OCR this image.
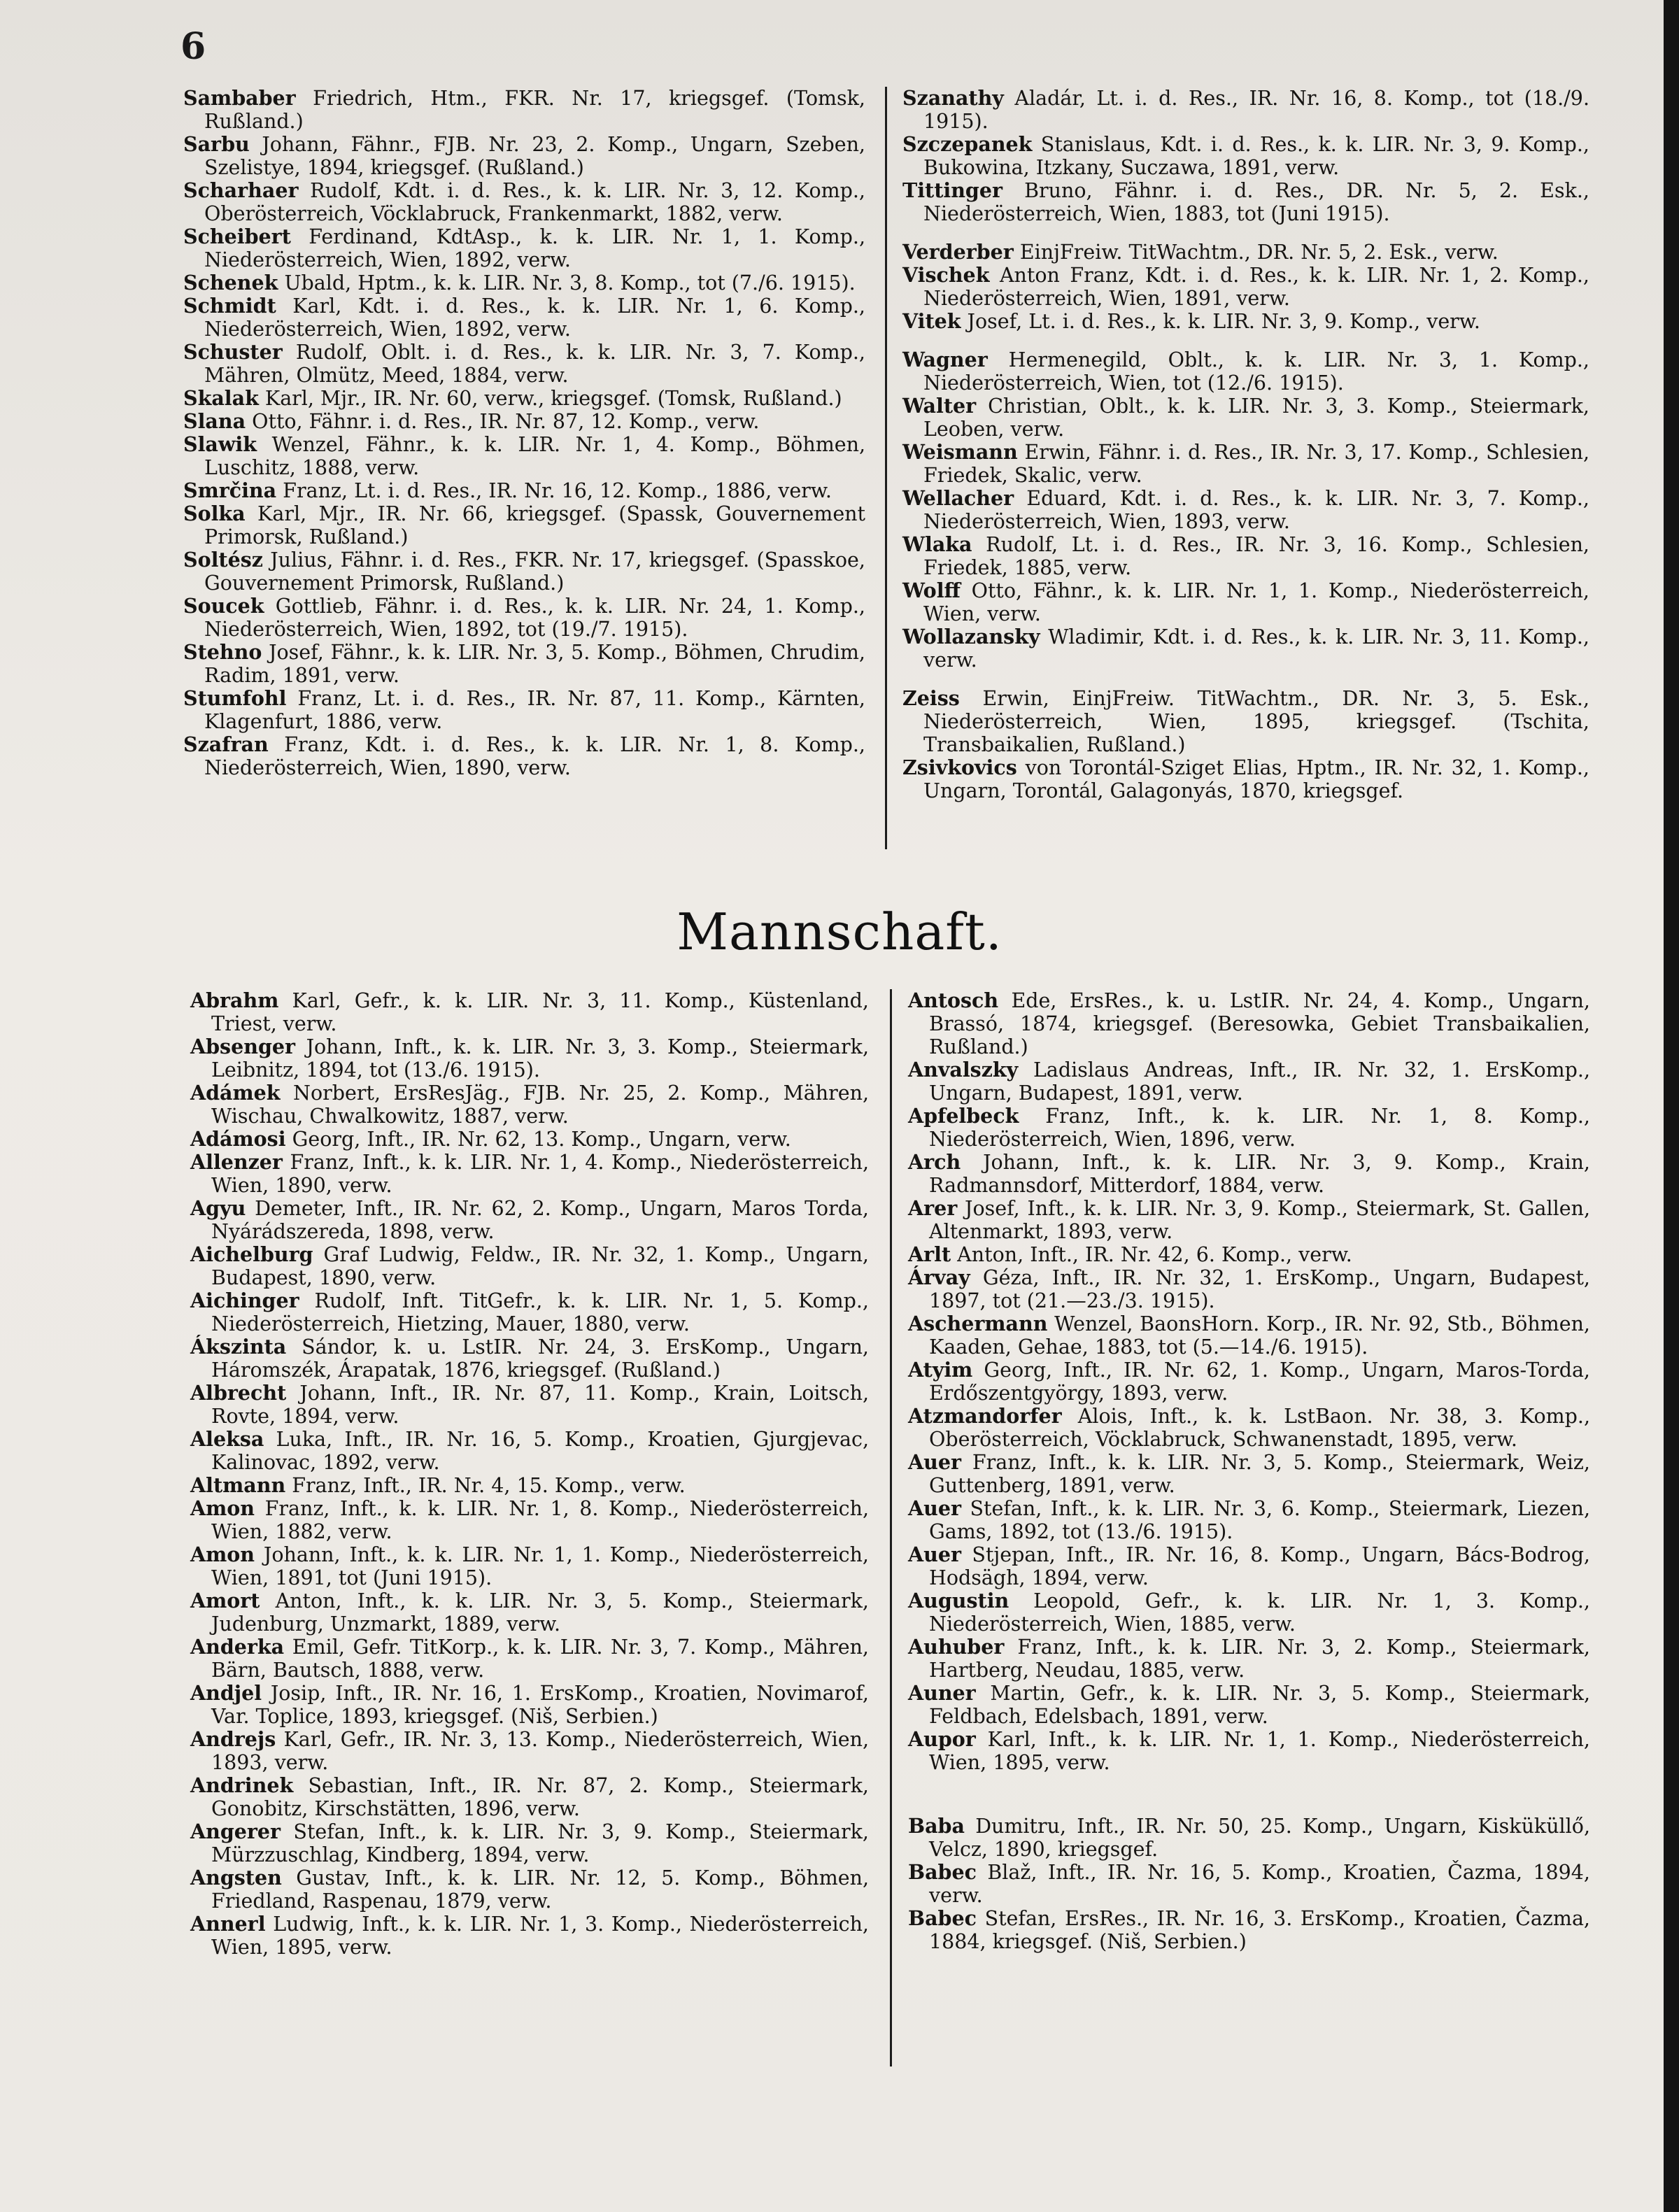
6

Sambaber Friedrich, Htm., FKR. Nr. 17, kriegsgef. (Tomsk, Rußland.)

Sarbu Johann, Fähnr., FJB. Nr. 23, 2. Komp., Ungarn, Szeben, Szelistye, 1894, kriegsgef. (Rußland.)

Scharhaer Rudolf, Kdt. i. d. Res., k. k. LIR. Nr. 3, 12. Komp., Oberösterreich, Vöcklabruck, Frankenmarkt, 1882, verw.

Scheibert Ferdinand, KdtAsp., k. k. LIR. Nr. 1, 1. Komp., Niederösterreich, Wien, 1892, verw.

Schenek Ubald, Hptm., k. k. LIR. Nr. 3, 8. Komp., tot (7./6. 1915).

Schmidt Karl, Kdt. i. d. Res., k. k. LIR. Nr. 1, 6. Komp., Niederösterreich, Wien, 1892, verw.

Schuster Rudolf, Oblt. i. d. Res., k. k. LIR. Nr. 3, 7. Komp., Mähren, Olmütz, Meed, 1884, verw.

Skalak Karl, Mjr., IR. Nr. 60, verw., kriegsgef. (Tomsk, Rußland.)

Slana Otto, Fähnr. i. d. Res., IR. Nr. 87, 12. Komp., verw.

Slawik Wenzel, Fähnr., k. k. LIR. Nr. 1, 4. Komp., Böhmen, Luschitz, 1888, verw.

Smrčina Franz, Lt. i. d. Res., IR. Nr. 16, 12. Komp., 1886, verw.

Solka Karl, Mjr., IR. Nr. 66, kriegsgef. (Spassk, Gouvernement Primorsk, Rußland.)

Soltész Julius, Fähnr. i. d. Res., FKR. Nr. 17, kriegsgef. (Spasskoe, Gouvernement Primorsk, Rußland.)

Soucek Gottlieb, Fähnr. i. d. Res., k. k. LIR. Nr. 24, 1. Komp., Niederösterreich, Wien, 1892, tot (19./7. 1915).

Stehno Josef, Fähnr., k. k. LIR. Nr. 3, 5. Komp., Böhmen, Chrudim, Radim, 1891, verw.

Stumfohl Franz, Lt. i. d. Res., IR. Nr. 87, 11. Komp., Kärnten, Klagenfurt, 1886, verw.

Szafran Franz, Kdt. i. d. Res., k. k. LIR. Nr. 1, 8. Komp., Niederösterreich, Wien, 1890, verw.

Szanathy Aladár, Lt. i. d. Res., IR. Nr. 16, 8. Komp., tot (18./9. 1915).

Szczepanek Stanislaus, Kdt. i. d. Res., k. k. LIR. Nr. 3, 9. Komp., Bukowina, Itzkany, Suczawa, 1891, verw.

Tittinger Bruno, Fähnr. i. d. Res., DR. Nr. 5, 2. Esk., Niederösterreich, Wien, 1883, tot (Juni 1915).

Verderber EinjFreiw. TitWachtm., DR. Nr. 5, 2. Esk., verw.

Vischek Anton Franz, Kdt. i. d. Res., k. k. LIR. Nr. 1, 2. Komp., Niederösterreich, Wien, 1891, verw.

Vitek Josef, Lt. i. d. Res., k. k. LIR. Nr. 3, 9. Komp., verw.

Wagner Hermenegild, Oblt., k. k. LIR. Nr. 3, 1. Komp., Niederösterreich, Wien, tot (12./6. 1915).

Walter Christian, Oblt., k. k. LIR. Nr. 3, 3. Komp., Steiermark, Leoben, verw.

Weismann Erwin, Fähnr. i. d. Res., IR. Nr. 3, 17. Komp., Schlesien, Friedek, Skalic, verw.

Wellacher Eduard, Kdt. i. d. Res., k. k. LIR. Nr. 3, 7. Komp., Niederösterreich, Wien, 1893, verw.

Wlaka Rudolf, Lt. i. d. Res., IR. Nr. 3, 16. Komp., Schlesien, Friedek, 1885, verw.

Wolff Otto, Fähnr., k. k. LIR. Nr. 1, 1. Komp., Niederösterreich, Wien, verw.

Wollazansky Wladimir, Kdt. i. d. Res., k. k. LIR. Nr. 3, 11. Komp., verw.

Zeiss Erwin, EinjFreiw. TitWachtm., DR. Nr. 3, 5. Esk., Niederösterreich, Wien, 1895, kriegsgef. (Tschita, Transbaikalien, Rußland.)

Zsivkovics von Torontál-Sziget Elias, Hptm., IR. Nr. 32, 1. Komp., Ungarn, Torontál, Galagonyás, 1870, kriegsgef.

Mannschaft.

Abrahm Karl, Gefr., k. k. LIR. Nr. 3, 11. Komp., Küstenland, Triest, verw.

Absenger Johann, Inft., k. k. LIR. Nr. 3, 3. Komp., Steiermark, Leibnitz, 1894, tot (13./6. 1915).

Adámek Norbert, ErsResJäg., FJB. Nr. 25, 2. Komp., Mähren, Wischau, Chwalkowitz, 1887, verw.

Adámosi Georg, Inft., IR. Nr. 62, 13. Komp., Ungarn, verw.

Allenzer Franz, Inft., k. k. LIR. Nr. 1, 4. Komp., Niederösterreich, Wien, 1890, verw.

Agyu Demeter, Inft., IR. Nr. 62, 2. Komp., Ungarn, Maros Torda, Nyárádszereda, 1898, verw.

Aichelburg Graf Ludwig, Feldw., IR. Nr. 32, 1. Komp., Ungarn, Budapest, 1890, verw.

Aichinger Rudolf, Inft. TitGefr., k. k. LIR. Nr. 1, 5. Komp., Niederösterreich, Hietzing, Mauer, 1880, verw.

Ákszinta Sándor, k. u. LstIR. Nr. 24, 3. ErsKomp., Ungarn, Háromszék, Árapatak, 1876, kriegsgef. (Rußland.)

Albrecht Johann, Inft., IR. Nr. 87, 11. Komp., Krain, Loitsch, Rovte, 1894, verw.

Aleksa Luka, Inft., IR. Nr. 16, 5. Komp., Kroatien, Gjurgjevac, Kalinovac, 1892, verw.

Altmann Franz, Inft., IR. Nr. 4, 15. Komp., verw.

Amon Franz, Inft., k. k. LIR. Nr. 1, 8. Komp., Niederösterreich, Wien, 1882, verw.

Amon Johann, Inft., k. k. LIR. Nr. 1, 1. Komp., Niederösterreich, Wien, 1891, tot (Juni 1915).

Amort Anton, Inft., k. k. LIR. Nr. 3, 5. Komp., Steiermark, Judenburg, Unzmarkt, 1889, verw.

Anderka Emil, Gefr. TitKorp., k. k. LIR. Nr. 3, 7. Komp., Mähren, Bärn, Bautsch, 1888, verw.

Andjel Josip, Inft., IR. Nr. 16, 1. ErsKomp., Kroatien, Novimarof, Var. Toplice, 1893, kriegsgef. (Niš, Serbien.)

Andrejs Karl, Gefr., IR. Nr. 3, 13. Komp., Niederösterreich, Wien, 1893, verw.

Andrinek Sebastian, Inft., IR. Nr. 87, 2. Komp., Steiermark, Gonobitz, Kirschstätten, 1896, verw.

Angerer Stefan, Inft., k. k. LIR. Nr. 3, 9. Komp., Steiermark, Mürzzuschlag, Kindberg, 1894, verw.

Angsten Gustav, Inft., k. k. LIR. Nr. 12, 5. Komp., Böhmen, Friedland, Raspenau, 1879, verw.

Annerl Ludwig, Inft., k. k. LIR. Nr. 1, 3. Komp., Niederösterreich, Wien, 1895, verw.

Antosch Ede, ErsRes., k. u. LstIR. Nr. 24, 4. Komp., Ungarn, Brassó, 1874, kriegsgef. (Beresowka, Gebiet Transbaikalien, Rußland.)

Anvalszky Ladislaus Andreas, Inft., IR. Nr. 32, 1. ErsKomp., Ungarn, Budapest, 1891, verw.

Apfelbeck Franz, Inft., k. k. LIR. Nr. 1, 8. Komp., Niederösterreich, Wien, 1896, verw.

Arch Johann, Inft., k. k. LIR. Nr. 3, 9. Komp., Krain, Radmannsdorf, Mitterdorf, 1884, verw.

Arer Josef, Inft., k. k. LIR. Nr. 3, 9. Komp., Steiermark, St. Gallen, Altenmarkt, 1893, verw.

Arlt Anton, Inft., IR. Nr. 42, 6. Komp., verw.

Árvay Géza, Inft., IR. Nr. 32, 1. ErsKomp., Ungarn, Budapest, 1897, tot (21.—23./3. 1915).

Aschermann Wenzel, BaonsHorn. Korp., IR. Nr. 92, Stb., Böhmen, Kaaden, Gehae, 1883, tot (5.—14./6. 1915).

Atyim Georg, Inft., IR. Nr. 62, 1. Komp., Ungarn, Maros-Torda, Erdőszentgyörgy, 1893, verw.

Atzmandorfer Alois, Inft., k. k. LstBaon. Nr. 38, 3. Komp., Oberösterreich, Vöcklabruck, Schwanenstadt, 1895, verw.

Auer Franz, Inft., k. k. LIR. Nr. 3, 5. Komp., Steiermark, Weiz, Guttenberg, 1891, verw.

Auer Stefan, Inft., k. k. LIR. Nr. 3, 6. Komp., Steiermark, Liezen, Gams, 1892, tot (13./6. 1915).

Auer Stjepan, Inft., IR. Nr. 16, 8. Komp., Ungarn, Bács-Bodrog, Hodsägh, 1894, verw.

Augustin Leopold, Gefr., k. k. LIR. Nr. 1, 3. Komp., Niederösterreich, Wien, 1885, verw.

Auhuber Franz, Inft., k. k. LIR. Nr. 3, 2. Komp., Steiermark, Hartberg, Neudau, 1885, verw.

Auner Martin, Gefr., k. k. LIR. Nr. 3, 5. Komp., Steiermark, Feldbach, Edelsbach, 1891, verw.

Aupor Karl, Inft., k. k. LIR. Nr. 1, 1. Komp., Niederösterreich, Wien, 1895, verw.

Baba Dumitru, Inft., IR. Nr. 50, 25. Komp., Ungarn, Kisküküllő, Velcz, 1890, kriegsgef.

Babec Blaž, Inft., IR. Nr. 16, 5. Komp., Kroatien, Čazma, 1894, verw.

Babec Stefan, ErsRes., IR. Nr. 16, 3. ErsKomp., Kroatien, Čazma, 1884, kriegsgef. (Niš, Serbien.)
